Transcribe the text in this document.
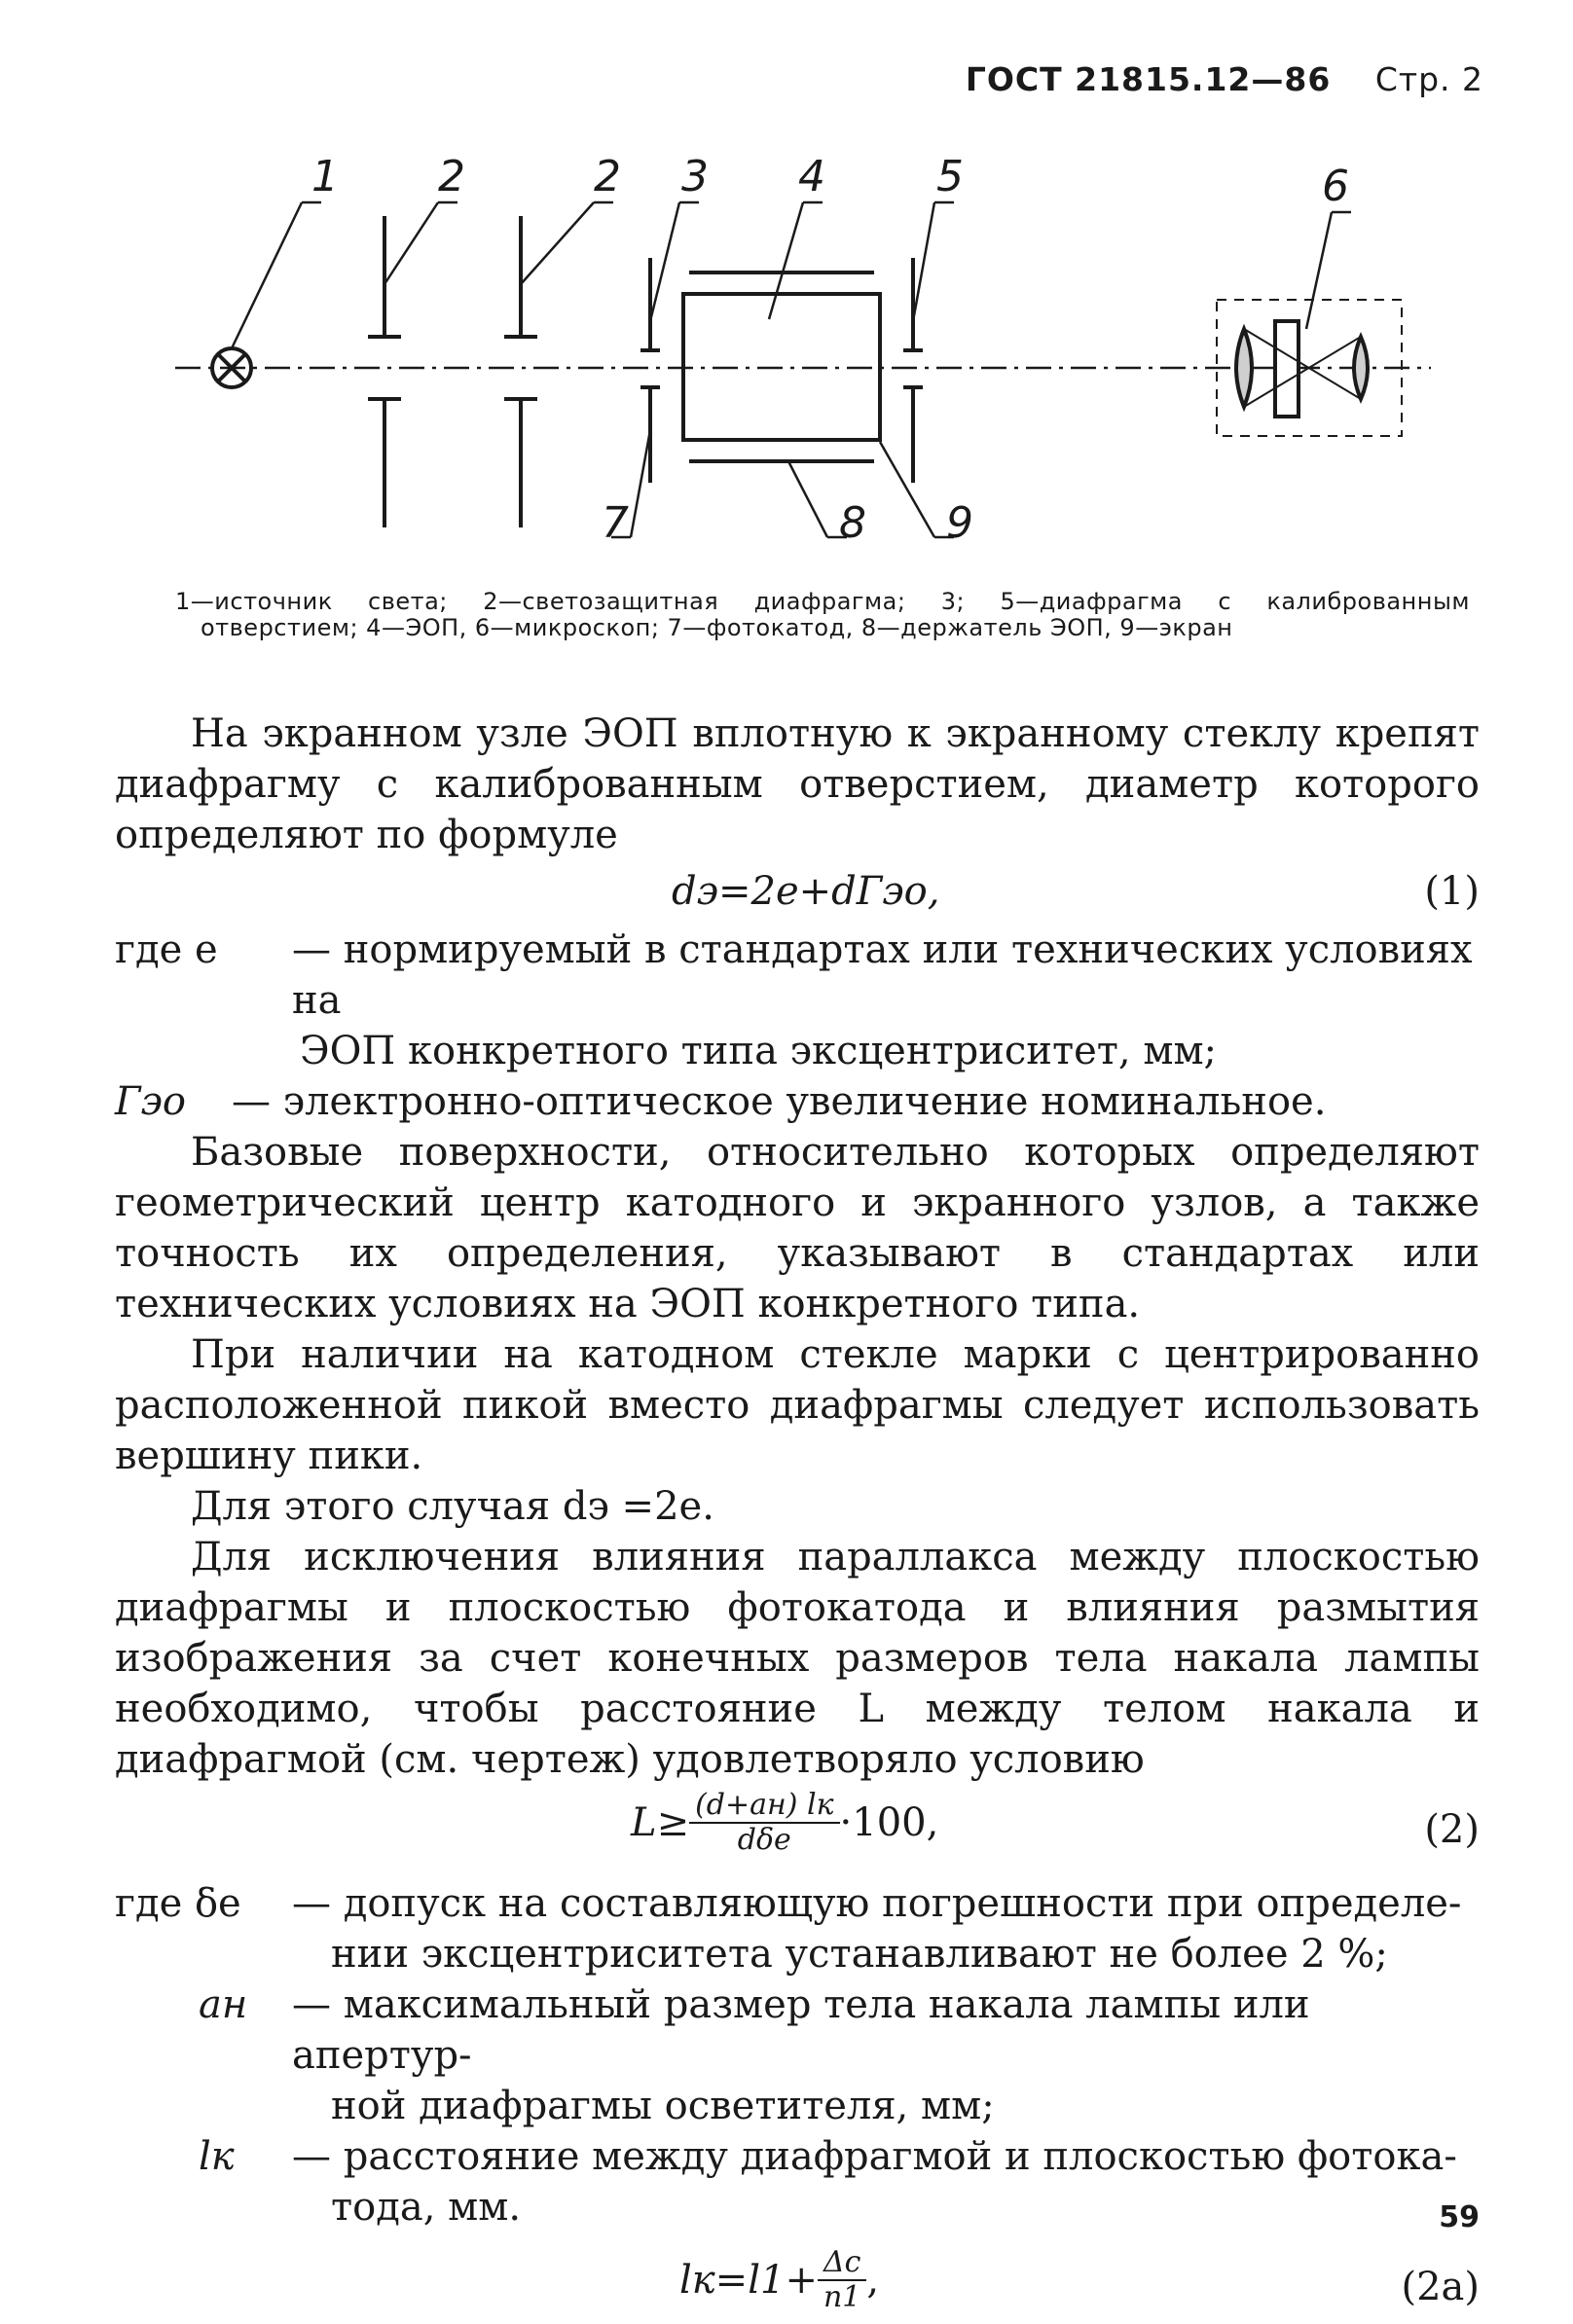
ГОСТ 21815.12—86 Стр. 2
1 2	2 3 4	5	6
7	8 9
1—источник света; 2—светозащитная диафрагма; 3; 5—диафрагма с калиброванным
отверстием; 4—ЭОП, 6—микроскоп; 7—фотокатод, 8—держатель ЭОП, 9—экран

На экранном узле ЭОП вплотную к экранному стеклу крепят диафрагму с калиброванным отверстием, диаметр которого определяют по формуле

dэ=2e+dГэо,	(1)
где e	— нормируемый в стандартах или технических условиях на
ЭОП конкретного типа эксцентриситет, мм;
Гэо	— электронно-оптическое увеличение номинальное.

Базовые поверхности, относительно которых определяют геометрический центр катодного и экранного узлов, а также точность их определения, указывают в стандартах или технических условиях на ЭОП конкретного типа.

При наличии на катодном стекле марки с центрированно расположенной пикой вместо диафрагмы следует использовать вершину пики.

Для этого случая dэ =2e.

Для исключения влияния параллакса между плоскостью диафрагмы и плоскостью фотокатода и влияния размытия изображения за счет конечных размеров тела накала лампы необходимо, чтобы расстояние L между телом накала и диафрагмой (см. чертеж) удовлетворяло условию

$L\ge \frac{(d+aн) lк}{\text{dδe}} \cdot 100$,	(2)
где δe	— допуск на составляющую погрешности при определе-
нии эксцентриситета устанавливают не более 2 %;
aн	— максимальный размер тела накала лампы или апертур-
ной диафрагмы осветителя, мм;
lк	— расстояние между диафрагмой и плоскостью фотока-
тода, мм.
$lк=l1+ \frac{\Delta c}{n1}$ ,	(2a)
59
